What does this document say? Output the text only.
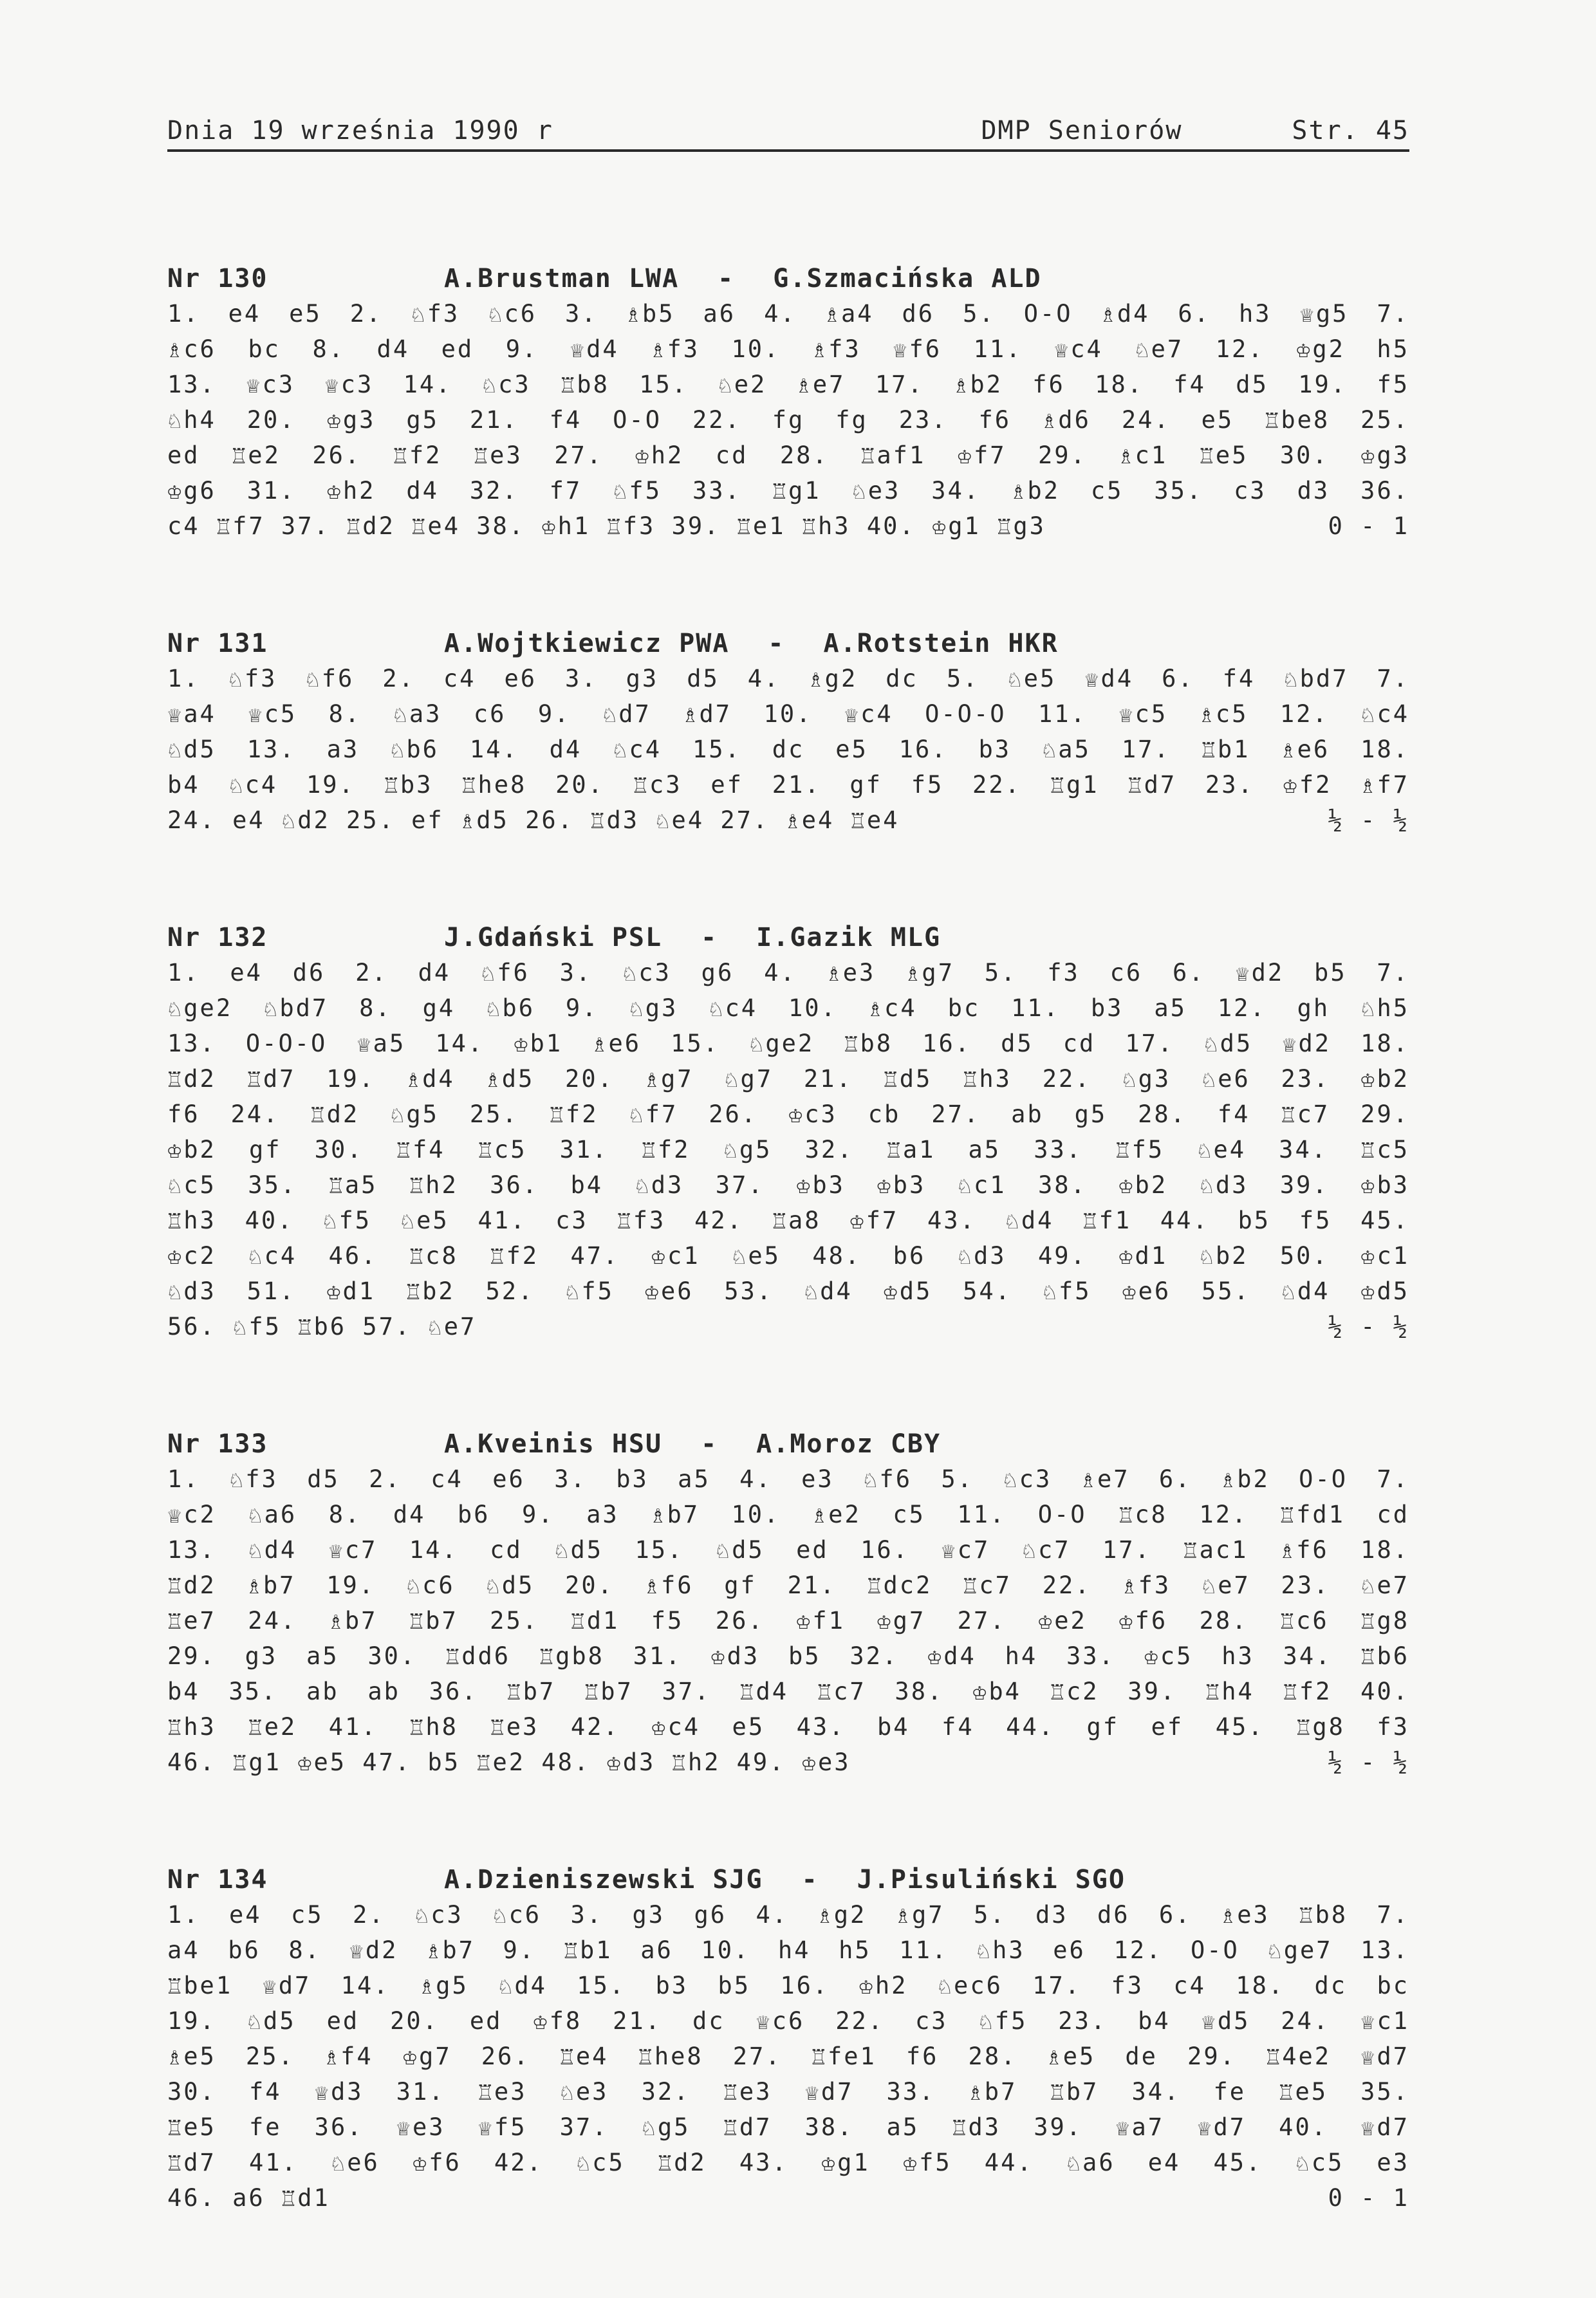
Dnia 19 września 1990 r	DMP Seniorów	Str. 45
Nr 130	A.Brustman LWA - G.Szmacińska ALD
1. e4 e5 2. ♘f3 ♘c6 3. ♗b5 a6 4. ♗a4 d6 5. O-O ♗d4 6. h3 ♕g5 7.
♗c6 bc 8. d4 ed 9. ♕d4 ♗f3 10. ♗f3 ♕f6 11. ♕c4 ♘e7 12. ♔g2 h5
13. ♕c3 ♕c3 14. ♘c3 ♖b8 15. ♘e2 ♗e7 17. ♗b2 f6 18. f4 d5 19. f5
♘h4 20. ♔g3 g5 21. f4 O-O 22. fg fg 23. f6 ♗d6 24. e5 ♖be8 25.
ed ♖e2 26. ♖f2 ♖e3 27. ♔h2 cd 28. ♖af1 ♔f7 29. ♗c1 ♖e5 30. ♔g3
♔g6 31. ♔h2 d4 32. f7 ♘f5 33. ♖g1 ♘e3 34. ♗b2 c5 35. c3 d3 36.
c4 ♖f7 37. ♖d2 ♖e4 38. ♔h1 ♖f3 39. ♖e1 ♖h3 40. ♔g1 ♖g3	0 - 1
Nr 131	A.Wojtkiewicz PWA - A.Rotstein HKR
1. ♘f3 ♘f6 2. c4 e6 3. g3 d5 4. ♗g2 dc 5. ♘e5 ♕d4 6. f4 ♘bd7 7.
♕a4 ♕c5 8. ♘a3 c6 9. ♘d7 ♗d7 10. ♕c4 O-O-O 11. ♕c5 ♗c5 12. ♘c4
♘d5 13. a3 ♘b6 14. d4 ♘c4 15. dc e5 16. b3 ♘a5 17. ♖b1 ♗e6 18.
b4 ♘c4 19. ♖b3 ♖he8 20. ♖c3 ef 21. gf f5 22. ♖g1 ♖d7 23. ♔f2 ♗f7
24. e4 ♘d2 25. ef ♗d5 26. ♖d3 ♘e4 27. ♗e4 ♖e4	½ - ½
Nr 132	J.Gdański PSL - I.Gazik MLG
1. e4 d6 2. d4 ♘f6 3. ♘c3 g6 4. ♗e3 ♗g7 5. f3 c6 6. ♕d2 b5 7.
♘ge2 ♘bd7 8. g4 ♘b6 9. ♘g3 ♘c4 10. ♗c4 bc 11. b3 a5 12. gh ♘h5
13. O-O-O ♕a5 14. ♔b1 ♗e6 15. ♘ge2 ♖b8 16. d5 cd 17. ♘d5 ♕d2 18.
♖d2 ♖d7 19. ♗d4 ♗d5 20. ♗g7 ♘g7 21. ♖d5 ♖h3 22. ♘g3 ♘e6 23. ♔b2
f6 24. ♖d2 ♘g5 25. ♖f2 ♘f7 26. ♔c3 cb 27. ab g5 28. f4 ♖c7 29.
♔b2 gf 30. ♖f4 ♖c5 31. ♖f2 ♘g5 32. ♖a1 a5 33. ♖f5 ♘e4 34. ♖c5
♘c5 35. ♖a5 ♖h2 36. b4 ♘d3 37. ♔b3 ♔b3 ♘c1 38. ♔b2 ♘d3 39. ♔b3
♖h3 40. ♘f5 ♘e5 41. c3 ♖f3 42. ♖a8 ♔f7 43. ♘d4 ♖f1 44. b5 f5 45.
♔c2 ♘c4 46. ♖c8 ♖f2 47. ♔c1 ♘e5 48. b6 ♘d3 49. ♔d1 ♘b2 50. ♔c1
♘d3 51. ♔d1 ♖b2 52. ♘f5 ♔e6 53. ♘d4 ♔d5 54. ♘f5 ♔e6 55. ♘d4 ♔d5
56. ♘f5 ♖b6 57. ♘e7	½ - ½
Nr 133	A.Kveinis HSU - A.Moroz CBY
1. ♘f3 d5 2. c4 e6 3. b3 a5 4. e3 ♘f6 5. ♘c3 ♗e7 6. ♗b2 O-O 7.
♕c2 ♘a6 8. d4 b6 9. a3 ♗b7 10. ♗e2 c5 11. O-O ♖c8 12. ♖fd1 cd
13. ♘d4 ♕c7 14. cd ♘d5 15. ♘d5 ed 16. ♕c7 ♘c7 17. ♖ac1 ♗f6 18.
♖d2 ♗b7 19. ♘c6 ♘d5 20. ♗f6 gf 21. ♖dc2 ♖c7 22. ♗f3 ♘e7 23. ♘e7
♖e7 24. ♗b7 ♖b7 25. ♖d1 f5 26. ♔f1 ♔g7 27. ♔e2 ♔f6 28. ♖c6 ♖g8
29. g3 a5 30. ♖dd6 ♖gb8 31. ♔d3 b5 32. ♔d4 h4 33. ♔c5 h3 34. ♖b6
b4 35. ab ab 36. ♖b7 ♖b7 37. ♖d4 ♖c7 38. ♔b4 ♖c2 39. ♖h4 ♖f2 40.
♖h3 ♖e2 41. ♖h8 ♖e3 42. ♔c4 e5 43. b4 f4 44. gf ef 45. ♖g8 f3
46. ♖g1 ♔e5 47. b5 ♖e2 48. ♔d3 ♖h2 49. ♔e3	½ - ½
Nr 134	A.Dzieniszewski SJG - J.Pisuliński SGO
1. e4 c5 2. ♘c3 ♘c6 3. g3 g6 4. ♗g2 ♗g7 5. d3 d6 6. ♗e3 ♖b8 7.
a4 b6 8. ♕d2 ♗b7 9. ♖b1 a6 10. h4 h5 11. ♘h3 e6 12. O-O ♘ge7 13.
♖be1 ♕d7 14. ♗g5 ♘d4 15. b3 b5 16. ♔h2 ♘ec6 17. f3 c4 18. dc bc
19. ♘d5 ed 20. ed ♔f8 21. dc ♕c6 22. c3 ♘f5 23. b4 ♕d5 24. ♕c1
♗e5 25. ♗f4 ♔g7 26. ♖e4 ♖he8 27. ♖fe1 f6 28. ♗e5 de 29. ♖4e2 ♕d7
30. f4 ♕d3 31. ♖e3 ♘e3 32. ♖e3 ♕d7 33. ♗b7 ♖b7 34. fe ♖e5 35.
♖e5 fe 36. ♕e3 ♕f5 37. ♘g5 ♖d7 38. a5 ♖d3 39. ♕a7 ♕d7 40. ♕d7
♖d7 41. ♘e6 ♔f6 42. ♘c5 ♖d2 43. ♔g1 ♔f5 44. ♘a6 e4 45. ♘c5 e3
46. a6 ♖d1	0 - 1
